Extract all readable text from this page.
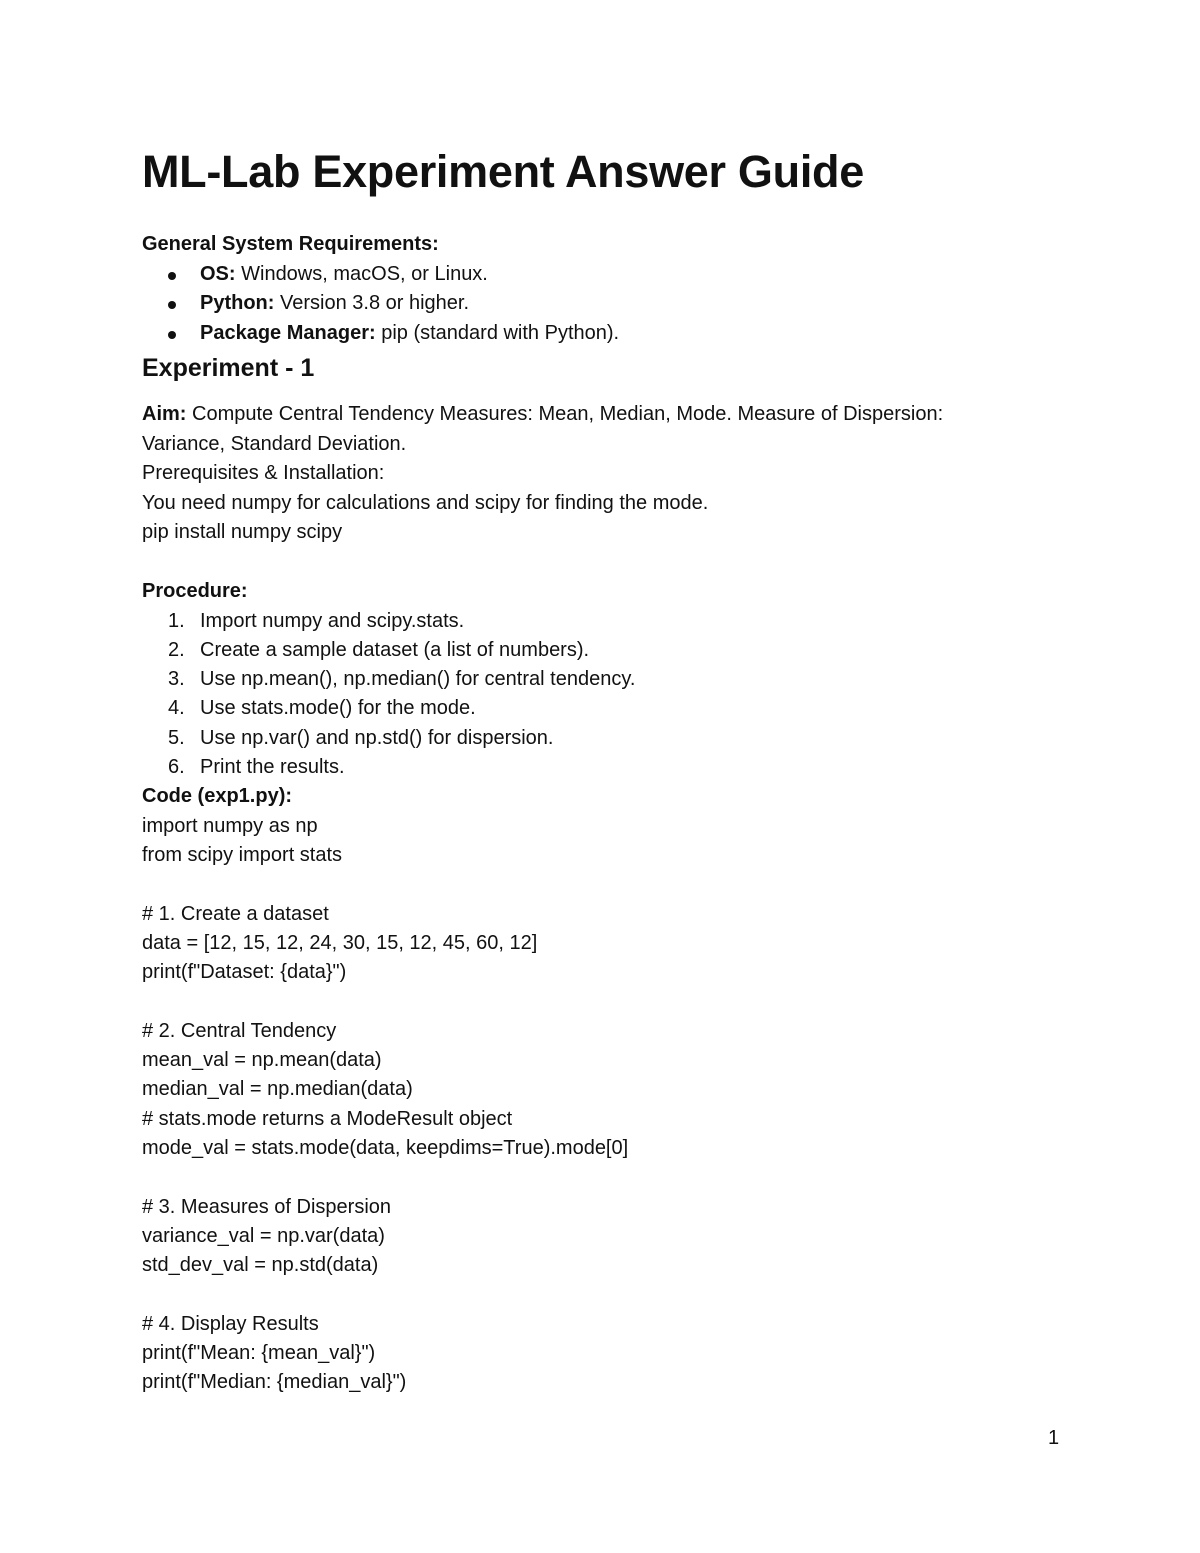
ML-Lab Experiment Answer Guide
General System Requirements:
OS: Windows, macOS, or Linux.
Python: Version 3.8 or higher.
Package Manager: pip (standard with Python).
Experiment - 1
Aim: Compute Central Tendency Measures: Mean, Median, Mode. Measure of Dispersion:
Variance, Standard Deviation.
Prerequisites & Installation:
You need numpy for calculations and scipy for finding the mode.
pip install numpy scipy
Procedure:
1. Import numpy and scipy.stats.
2. Create a sample dataset (a list of numbers).
3. Use np.mean(), np.median() for central tendency.
4. Use stats.mode() for the mode.
5. Use np.var() and np.std() for dispersion.
6. Print the results.
Code (exp1.py):
import numpy as np
from scipy import stats
# 1. Create a dataset
data = [12, 15, 12, 24, 30, 15, 12, 45, 60, 12]
print(f"Dataset: {data}")
# 2. Central Tendency
mean_val = np.mean(data)
median_val = np.median(data)
# stats.mode returns a ModeResult object
mode_val = stats.mode(data, keepdims=True).mode[0]
# 3. Measures of Dispersion
variance_val = np.var(data)
std_dev_val = np.std(data)
# 4. Display Results
print(f"Mean: {mean_val}")
print(f"Median: {median_val}")
1
